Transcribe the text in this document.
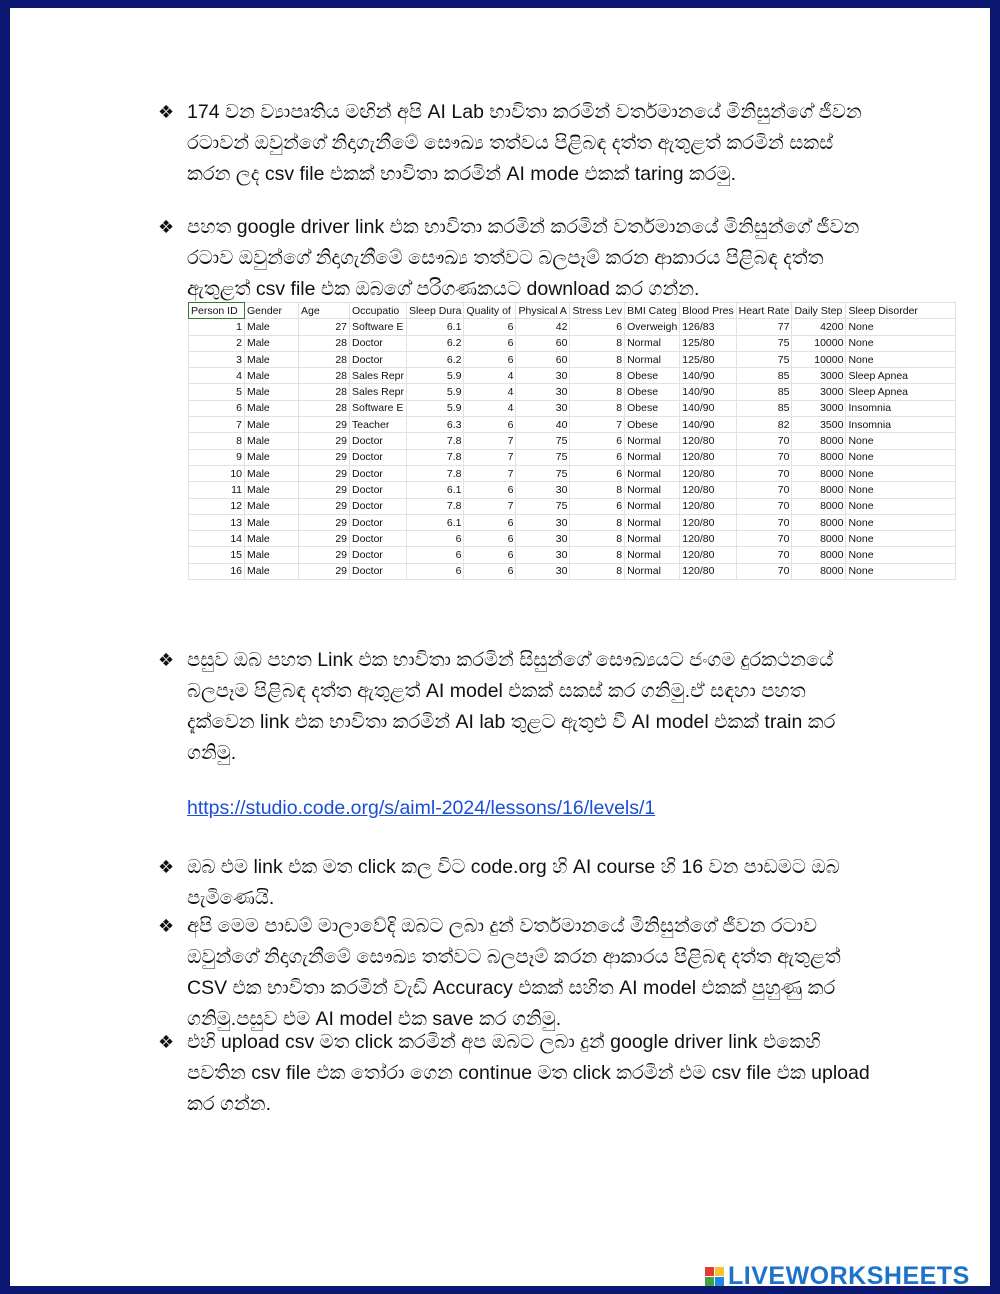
❖ 174 වන ව්‍යාපෘතිය මඟින් අපි AI Lab භාවිතා කරමින් වර්තමානයේ මිනිසුන්ගේ ජීවන රටාවන් ඔවුන්ගේ නිදාගැනීමේ සෞඛ්‍ය තත්වය පිළිබඳ දත්ත ඇතුළත් කරමින් සකස් කරන ලද csv file එකක් භාවිතා කරමින් AI mode එකක් taring කරමු.
❖ පහත google driver link එක භාවිතා කරමින් කරමින් වර්තමානයේ මිනිසුන්ගේ ජීවන රටාව ඔවුන්ගේ නිදාගැනීමේ සෞඛ්‍ය තත්වට බලපෑම් කරන ආකාරය පිළිබඳ දත්ත ඇතුළත් csv file එක ඔබගේ පරිගණකයට download කර ගන්න.
Person ID	Gender	Age	Occupatio	Sleep Dura	Quality of	Physical A	Stress Lev	BMI Categ	Blood Pres	Heart Rate	Daily Step	Sleep Disorder
1	Male	27	Software E	6.1	6	42	6	Overweigh	126/83	77	4200	None
2	Male	28	Doctor	6.2	6	60	8	Normal	125/80	75	10000	None
3	Male	28	Doctor	6.2	6	60	8	Normal	125/80	75	10000	None
4	Male	28	Sales Repr	5.9	4	30	8	Obese	140/90	85	3000	Sleep Apnea
5	Male	28	Sales Repr	5.9	4	30	8	Obese	140/90	85	3000	Sleep Apnea
6	Male	28	Software E	5.9	4	30	8	Obese	140/90	85	3000	Insomnia
7	Male	29	Teacher	6.3	6	40	7	Obese	140/90	82	3500	Insomnia
8	Male	29	Doctor	7.8	7	75	6	Normal	120/80	70	8000	None
9	Male	29	Doctor	7.8	7	75	6	Normal	120/80	70	8000	None
10	Male	29	Doctor	7.8	7	75	6	Normal	120/80	70	8000	None
11	Male	29	Doctor	6.1	6	30	8	Normal	120/80	70	8000	None
12	Male	29	Doctor	7.8	7	75	6	Normal	120/80	70	8000	None
13	Male	29	Doctor	6.1	6	30	8	Normal	120/80	70	8000	None
14	Male	29	Doctor	6	6	30	8	Normal	120/80	70	8000	None
15	Male	29	Doctor	6	6	30	8	Normal	120/80	70	8000	None
16	Male	29	Doctor	6	6	30	8	Normal	120/80	70	8000	None
❖ පසුව ඔබ පහත Link එක භාවිතා කරමින් සිසුන්ගේ සෞඛ්‍යයට ජංගම දුරකථනයේ බලපෑම පිළිබඳ දත්ත ඇතුළත් AI model එකක් සකස් කර ගනිමු.ඒ සඳහා පහත දැක්වෙන link එක භාවිතා කරමින් AI lab තුළට ඇතුළු වී AI model එකක් train කර ගනිමු.
https://studio.code.org/s/aiml-2024/lessons/16/levels/1
❖ ඔබ එම link එක මත click කල විට code.org හි AI course හි 16 වන පාඩමට ඔබ පැමිණෙයි.
❖ අපි මෙම පාඩම් මාලාවේදි ඔබට ලබා දුන් වර්තමානයේ මිනිසුන්ගේ ජීවන රටාව ඔවුන්ගේ නිදාගැනීමේ සෞඛ්‍ය තත්වට බලපෑම් කරන ආකාරය පිළිබඳ දත්ත ඇතුළත් CSV එක භාවිතා කරමින් වැඩි Accuracy එකක් සහිත AI model එකක් පුහුණු කර ගනිමු.පසුව එම AI model එක save කර ගනිමු.
❖ එහි upload csv මත click කරමින් අප ඔබට ලබා දුන් google driver link එකෙහි පවතින csv file එක තෝරා ගෙන continue මත click කරමින් එම csv file එක upload කර ගන්න.
LIVEWORKSHEETS
